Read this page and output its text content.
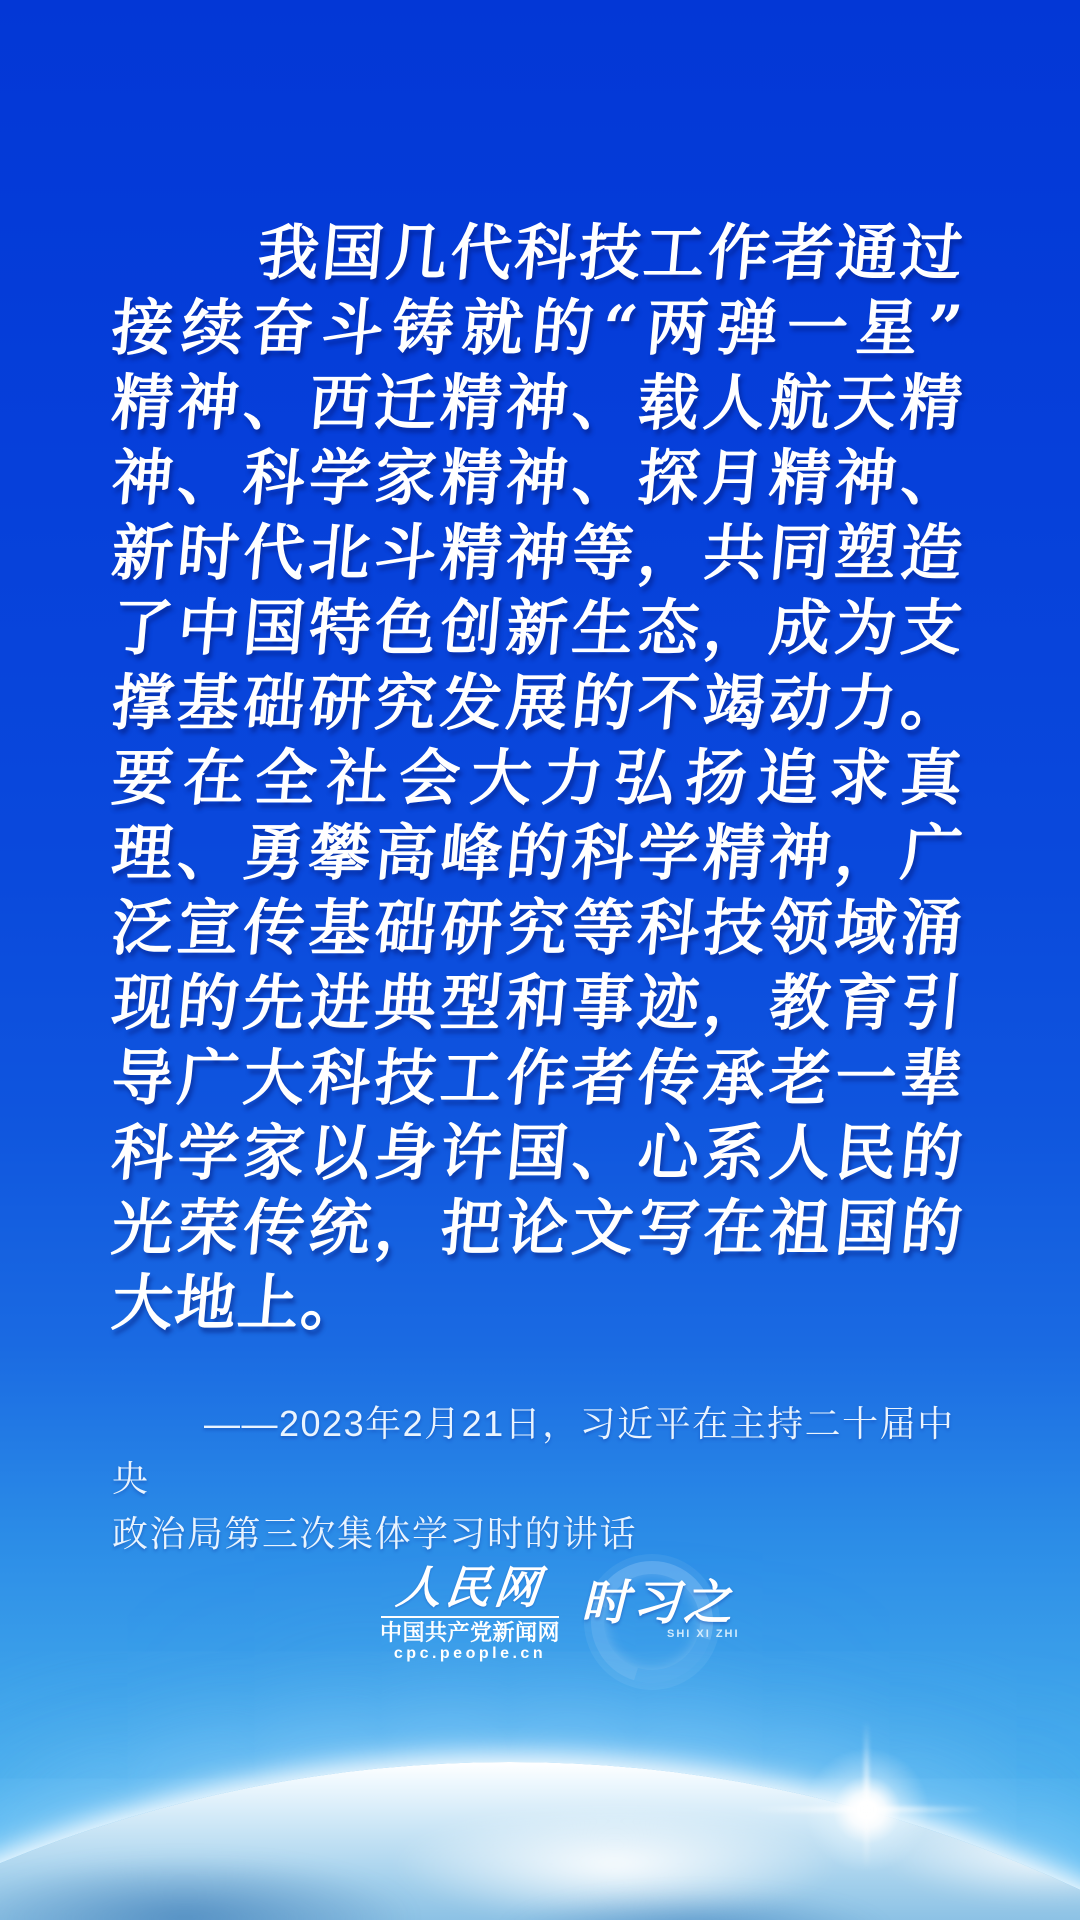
我国几代科技工作者通过
接续奋斗铸就的“两弹一星”
精神、西迁精神、载人航天精
神、科学家精神、探月精神、
新时代北斗精神等，共同塑造
了中国特色创新生态，成为支
撑基础研究发展的不竭动力。
要在全社会大力弘扬追求真
理、勇攀高峰的科学精神，广
泛宣传基础研究等科技领域涌
现的先进典型和事迹，教育引
导广大科技工作者传承老一辈
科学家以身许国、心系人民的
光荣传统，把论文写在祖国的
大地上。
——2023年2月21日，习近平在主持二十届中央
政治局第三次集体学习时的讲话
人民网
中国共产党新闻网
cpc.people.cn
时习之
SHI XI ZHI
